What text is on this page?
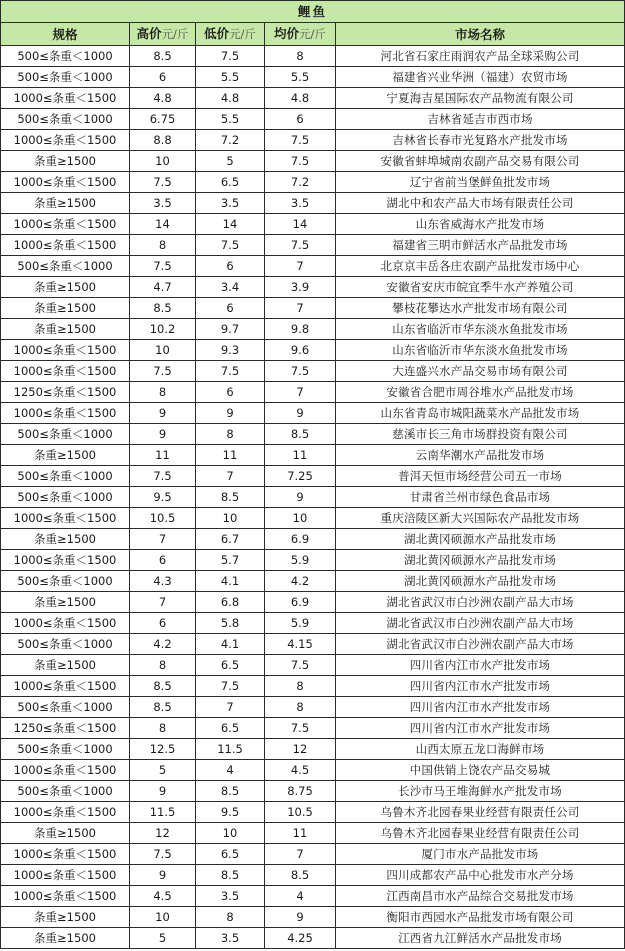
鲤鱼				
规格	高价元/斤	低价元/斤	均价元/斤	市场名称
500≤条重＜1000	8.5	7.5	8	河北省石家庄雨润农产品全球采购公司
500≤条重＜1000	6	5.5	5.5	福建省兴业华洲（福建）农贸市场
1000≤条重＜1500	4.8	4.8	4.8	宁夏海吉星国际农产品物流有限公司
500≤条重＜1000	6.75	5.5	6	吉林省延吉市西市场
1000≤条重＜1500	8.8	7.2	7.5	吉林省长春市光复路水产批发市场
条重≥1500	10	5	7.5	安徽省蚌埠城南农副产品交易有限公司
1000≤条重＜1500	7.5	6.5	7.2	辽宁省前当堡鲜鱼批发市场
条重≥1500	3.5	3.5	3.5	湖北中和农产品大市场有限责任公司
1000≤条重＜1500	14	14	14	山东省威海水产批发市场
1000≤条重＜1500	8	7.5	7.5	福建省三明市鲜活水产品批发市场
500≤条重＜1000	7.5	6	7	北京京丰岳各庄农副产品批发市场中心
条重≥1500	4.7	3.4	3.9	安徽省安庆市皖宜季牛水产养殖公司
条重≥1500	8.5	6	7	攀枝花攀达水产批发市场有限公司
条重≥1500	10.2	9.7	9.8	山东省临沂市华东淡水鱼批发市场
1000≤条重＜1500	10	9.3	9.6	山东省临沂市华东淡水鱼批发市场
1000≤条重＜1500	7.5	7.5	7.5	大连盛兴水产品交易市场有限公司
1250≤条重＜1500	8	6	7	安徽省合肥市周谷堆水产品批发市场
1000≤条重＜1500	9	9	9	山东省青岛市城阳蔬菜水产品批发市场
500≤条重＜1000	9	8	8.5	慈溪市长三角市场群投资有限公司
条重≥1500	11	11	11	云南华潮水产品批发市场
500≤条重＜1000	7.5	7	7.25	普洱天恒市场经营公司五一市场
500≤条重＜1000	9.5	8.5	9	甘肃省兰州市绿色食品市场
1000≤条重＜1500	10.5	10	10	重庆涪陵区新大兴国际农产品批发市场
条重≥1500	7	6.7	6.9	湖北黄冈硕源水产品批发市场
1000≤条重＜1500	6	5.7	5.9	湖北黄冈硕源水产品批发市场
500≤条重＜1000	4.3	4.1	4.2	湖北黄冈硕源水产品批发市场
条重≥1500	7	6.8	6.9	湖北省武汉市白沙洲农副产品大市场
1000≤条重＜1500	6	5.8	5.9	湖北省武汉市白沙洲农副产品大市场
500≤条重＜1000	4.2	4.1	4.15	湖北省武汉市白沙洲农副产品大市场
条重≥1500	8	6.5	7.5	四川省内江市水产批发市场
1000≤条重＜1500	8.5	7.5	8	四川省内江市水产批发市场
500≤条重＜1000	8.5	7	8	四川省内江市水产批发市场
1250≤条重＜1500	8	6.5	7.5	四川省内江市水产批发市场
500≤条重＜1000	12.5	11.5	12	山西太原五龙口海鲜市场
1000≤条重＜1500	5	4	4.5	中国供销上饶农产品交易城
500≤条重＜1000	9	8.5	8.75	长沙市马王堆海鲜水产批发市场
1000≤条重＜1500	11.5	9.5	10.5	乌鲁木齐北园春果业经营有限责任公司
条重≥1500	12	10	11	乌鲁木齐北园春果业经营有限责任公司
1000≤条重＜1500	7.5	6.5	7	厦门市水产品批发市场
1000≤条重＜1500	9	8.5	8.5	四川成都农产品中心批发市水产分场
1000≤条重＜1500	4.5	3.5	4	江西南昌市水产品综合交易批发市场
条重≥1500	10	8	9	衡阳市西园水产品批发市场有限公司
条重≥1500	5	3.5	4.25	江西省九江鲜活水产品批发市场
